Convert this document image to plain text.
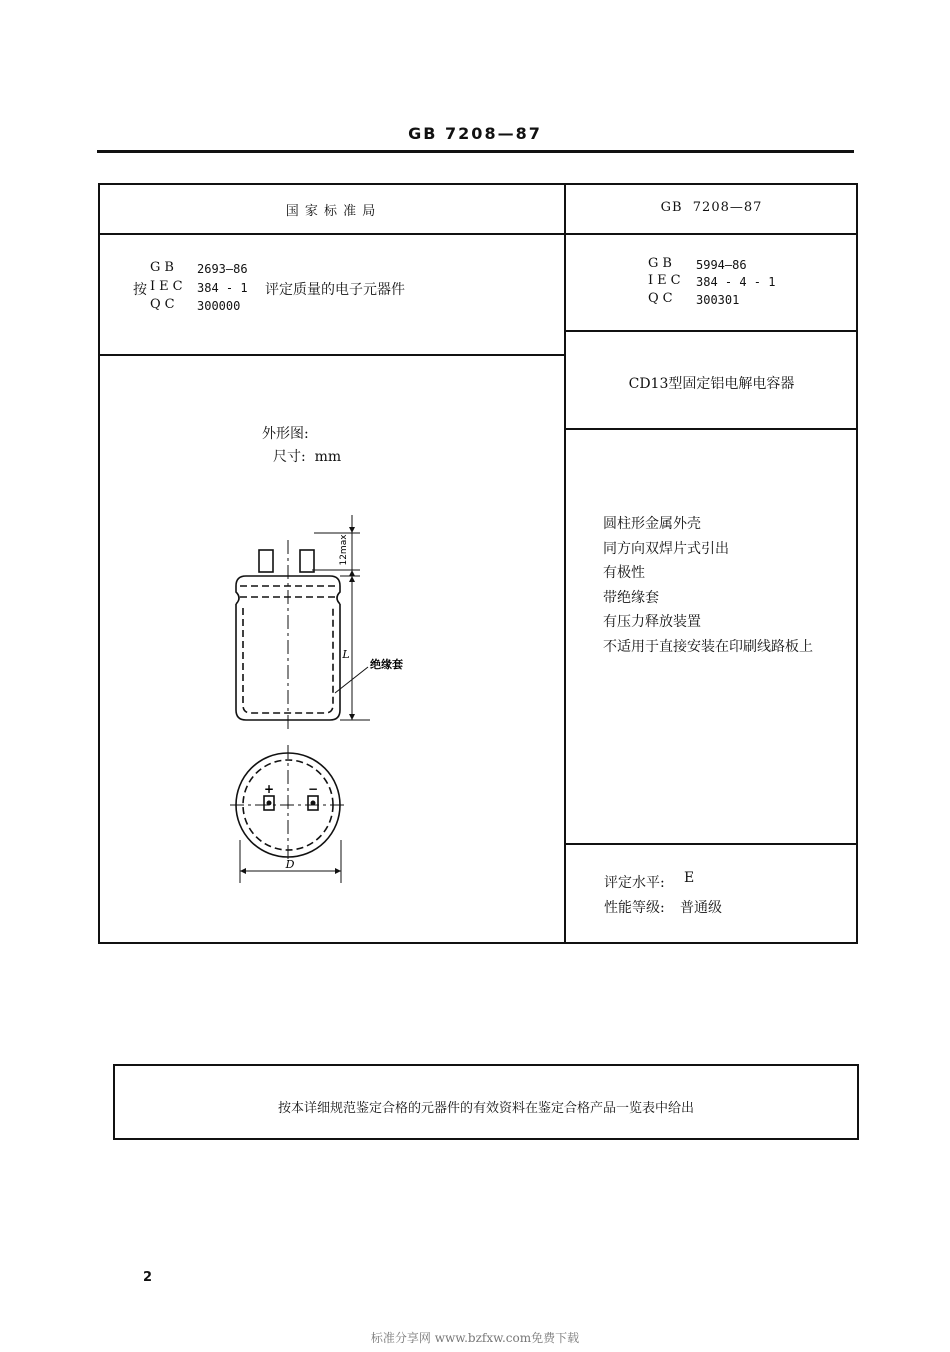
GB 7208—87
国 家 标 准 局
按
GB 2693—86
IEC 384 - 1
QC 300000
评定质量的电子元器件
外形图:
尺寸:  mm
12max
L
绝缘套
+	−
D
GB  7208—87
GB 5994—86
IEC 384 - 4 - 1
QC 300301
CD13型固定铝电解电容器
圆柱形金属外壳
同方向双焊片式引出
有极性
带绝缘套
有压力释放装置
不适用于直接安装在印刷线路板上
评定水平: E
性能等级: 普通级
按本详细规范鉴定合格的元器件的有效资料在鉴定合格产品一览表中给出
2
标准分享网 www.bzfxw.com免费下载
